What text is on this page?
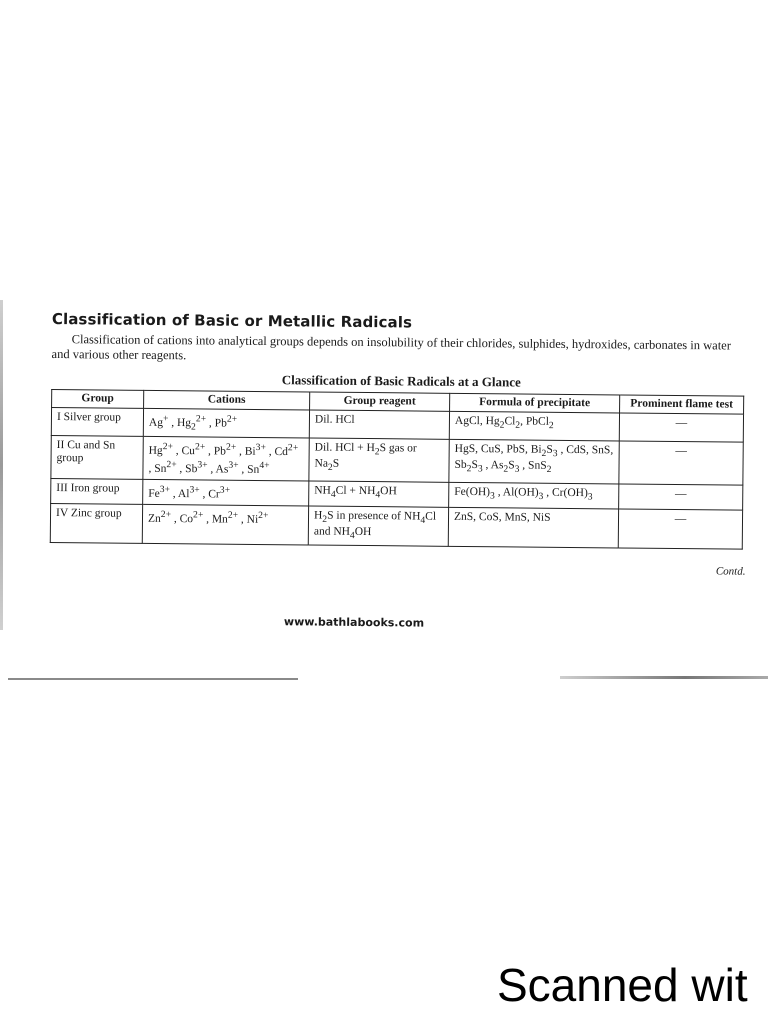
Classification of Basic or Metallic Radicals

Classification of cations into analytical groups depends on insolubility of their chlorides, sulphides, hydroxides, carbonates in water and various other reagents.

Classification of Basic Radicals at a Glance
Group	Cations	Group reagent	Formula of precipitate	Prominent flame test
I Silver group	Ag+ , $Hg_2^{2+}$ , $Pb^{2+}$	Dil. HCl	AgCl, $Hg_2Cl_2$, PbCl$_2$	—
II Cu and Sn group	$Hg^{2+}$ , $Cu^{2+}$ , $Pb^{2+}$ , $Bi^{3+}$ , $Cd^{2+}$ , $Sn^{2+}$ , $Sb^{3+}$ , $As^{3+}$ , $Sn^{4+}$	Dil. HCl + $H_2S$ gas or $Na_2S$	HgS, CuS, PbS, $Bi_2S_3$ , CdS, SnS, $Sb_2S_3$ , $As_2S_3$ , SnS$_2$	—
III Iron group	$Fe^{3+}$ , $Al^{3+}$ , $Cr^{3+}$	$NH_4Cl + NH_4OH$	$Fe(OH)_3$ , $Al(OH)_3$ , $Cr(OH)_3$	—
IV Zinc group	$Zn^{2+}$ , $Co^{2+}$ , $Mn^{2+}$ , $Ni^{2+}$	$H_2S$ in presence of $NH_4Cl$ and $NH_4OH$	ZnS, CoS, MnS, NiS	—
Contd.
www.bathlabooks.com
Scanned wit
